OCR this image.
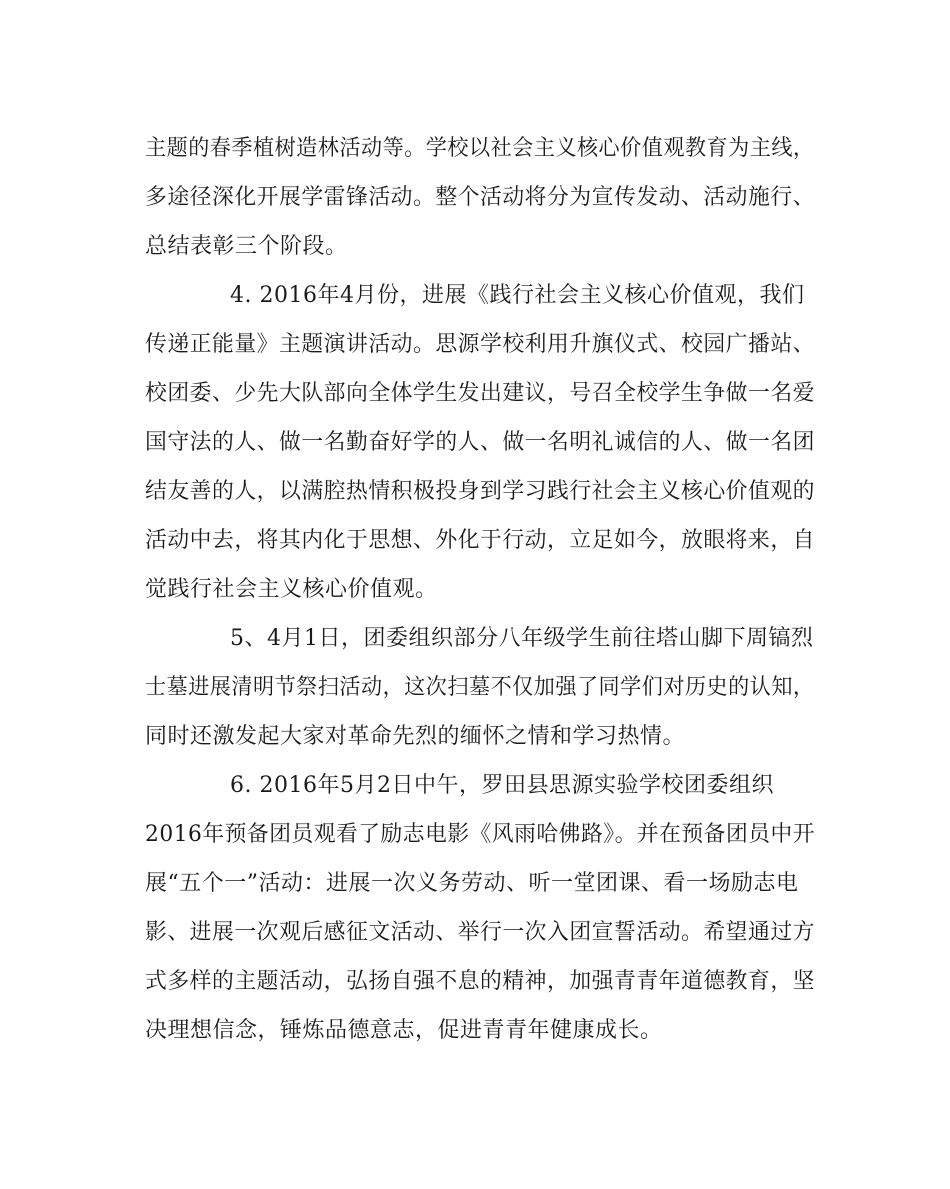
主题的春季植树造林活动等。学校以社会主义核心价值观教育为主线，
多途径深化开展学雷锋活动。整个活动将分为宣传发动、活动施行、
总结表彰三个阶段。
4. 2016年4月份，进展《践行社会主义核心价值观，我们
传递正能量》主题演讲活动。思源学校利用升旗仪式、校园广播站、
校团委、少先大队部向全体学生发出建议，号召全校学生争做一名爱
国守法的人、做一名勤奋好学的人、做一名明礼诚信的人、做一名团
结友善的人，以满腔热情积极投身到学习践行社会主义核心价值观的
活动中去，将其内化于思想、外化于行动，立足如今，放眼将来，自
觉践行社会主义核心价值观。
5、4月1日，团委组织部分八年级学生前往塔山脚下周镐烈
士墓进展清明节祭扫活动，这次扫墓不仅加强了同学们对历史的认知，
同时还激发起大家对革命先烈的缅怀之情和学习热情。
6. 2016年5月2日中午，罗田县思源实验学校团委组织
2016年预备团员观看了励志电影《风雨哈佛路》。并在预备团员中开
展“五个一”活动：进展一次义务劳动、听一堂团课、看一场励志电
影、进展一次观后感征文活动、举行一次入团宣誓活动。希望通过方
式多样的主题活动，弘扬自强不息的精神，加强青青年道德教育，坚
决理想信念，锤炼品德意志，促进青青年健康成长。
